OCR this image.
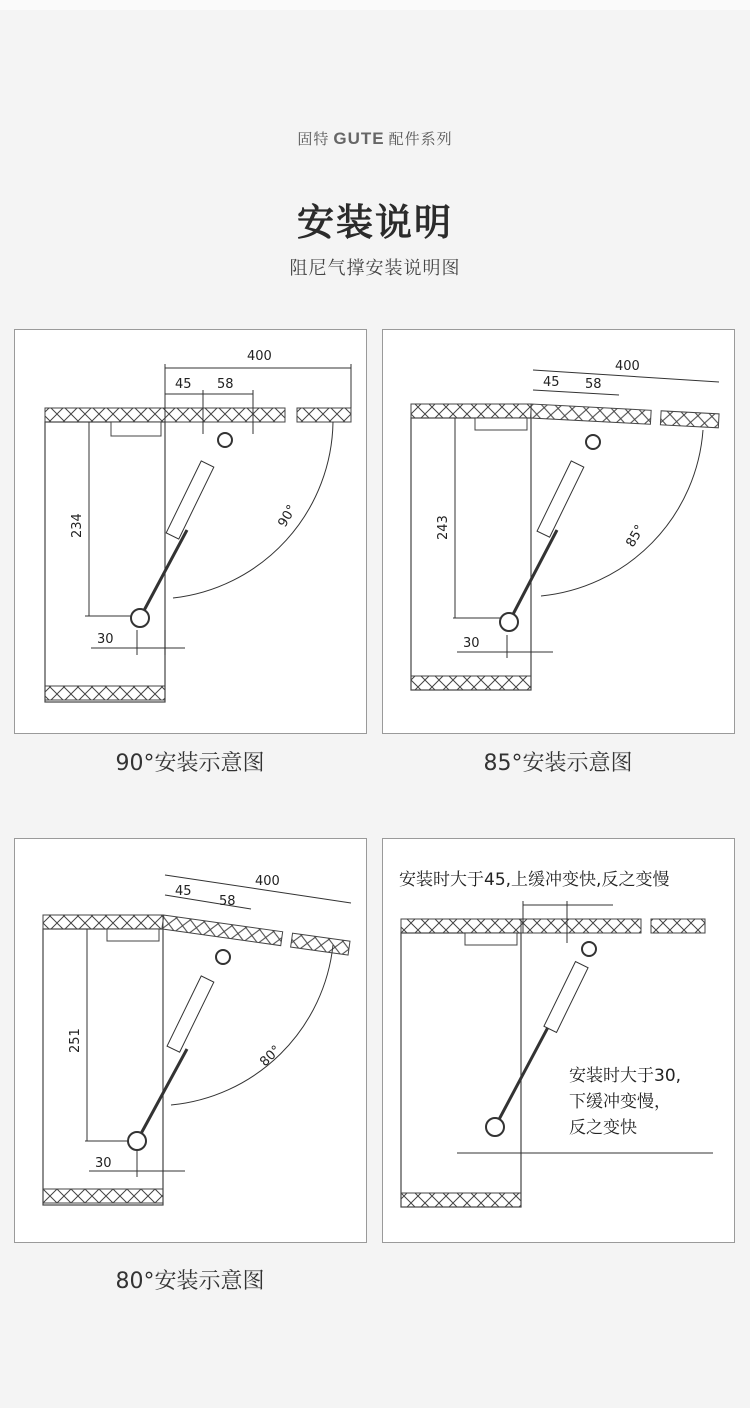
固特 GUTE 配件系列
安装说明
阻尼气撑安装说明图
400
45 58
234
30
90°
90°安装示意图
400
45 58
243
30
85°
85°安装示意图
400
45
58
251
30
80°
80°安装示意图
安装时大于45,上缓冲变快,反之变慢
安装时大于30,
下缓冲变慢，
反之变快
